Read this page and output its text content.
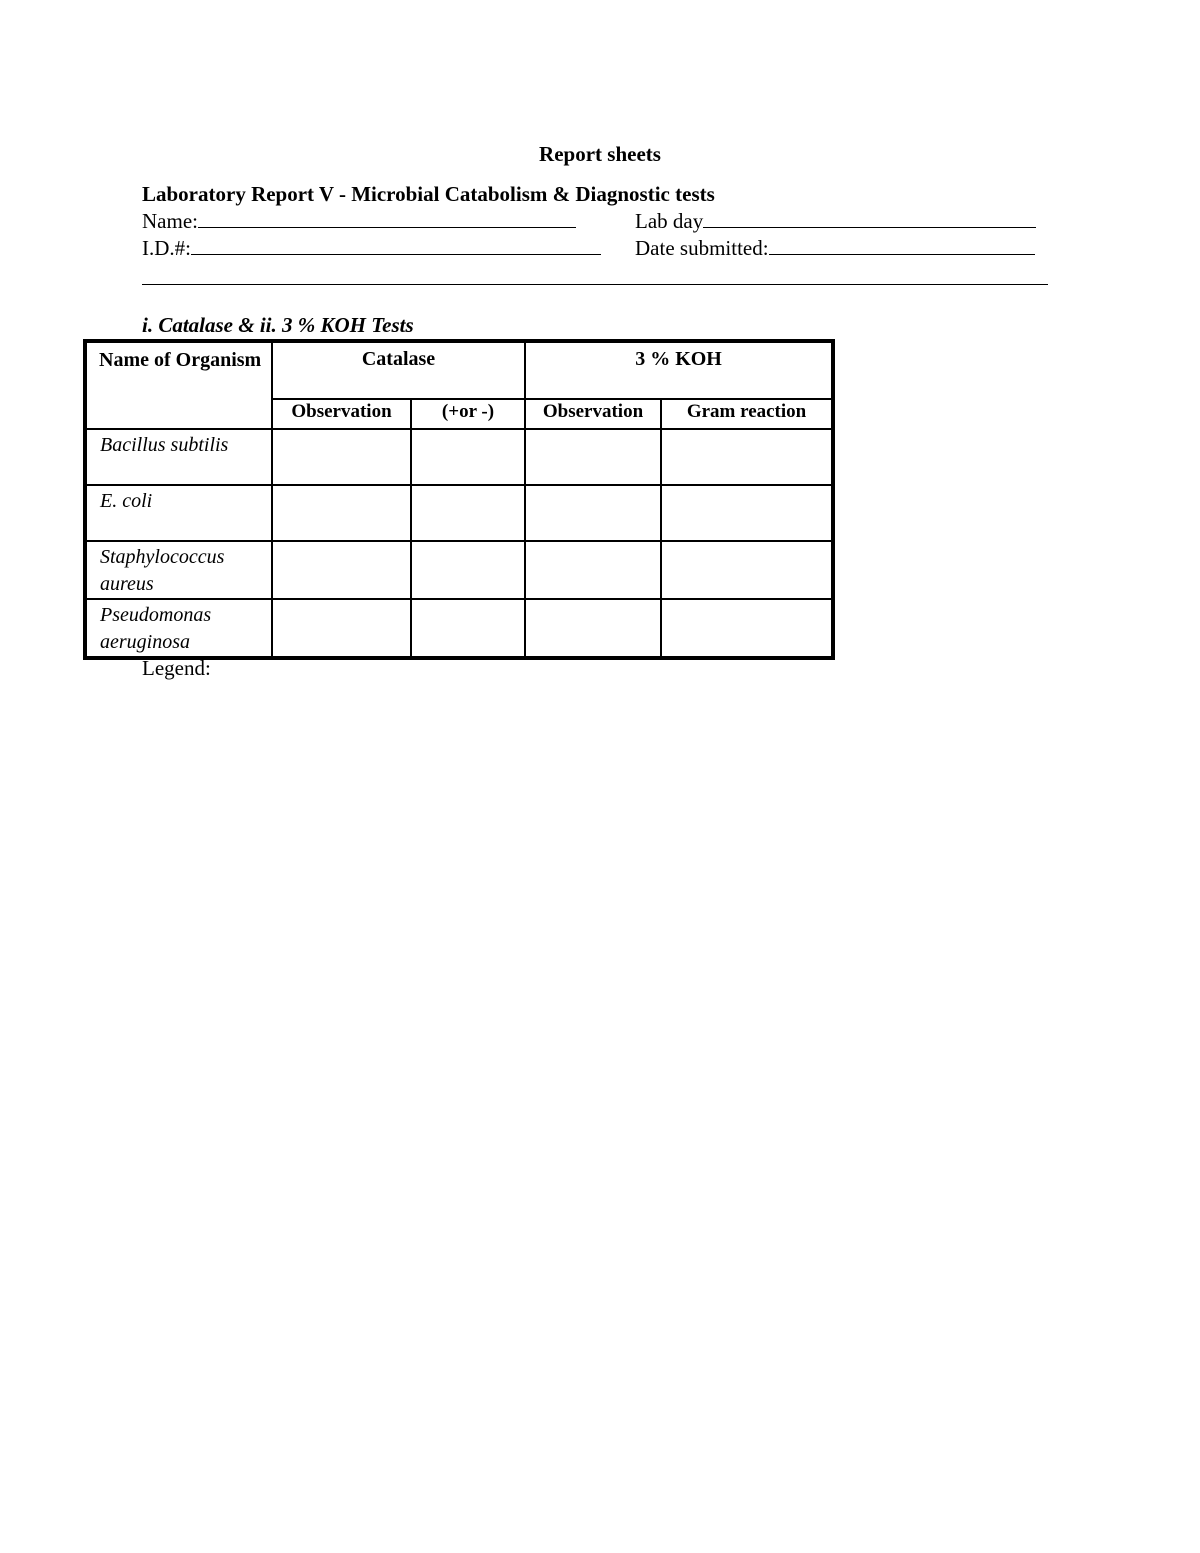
Report sheets
Laboratory Report V - Microbial Catabolism & Diagnostic tests
Name:	Lab day
I.D.#:	Date submitted:
i. Catalase & ii. 3 % KOH Tests
Name of Organism	Catalase		3 % KOH	
	Observation	(+or -)	Observation	Gram reaction
Bacillus subtilis				
E. coli				
Staphylococcus aureus				
Pseudomonas aeruginosa				
Legend:
